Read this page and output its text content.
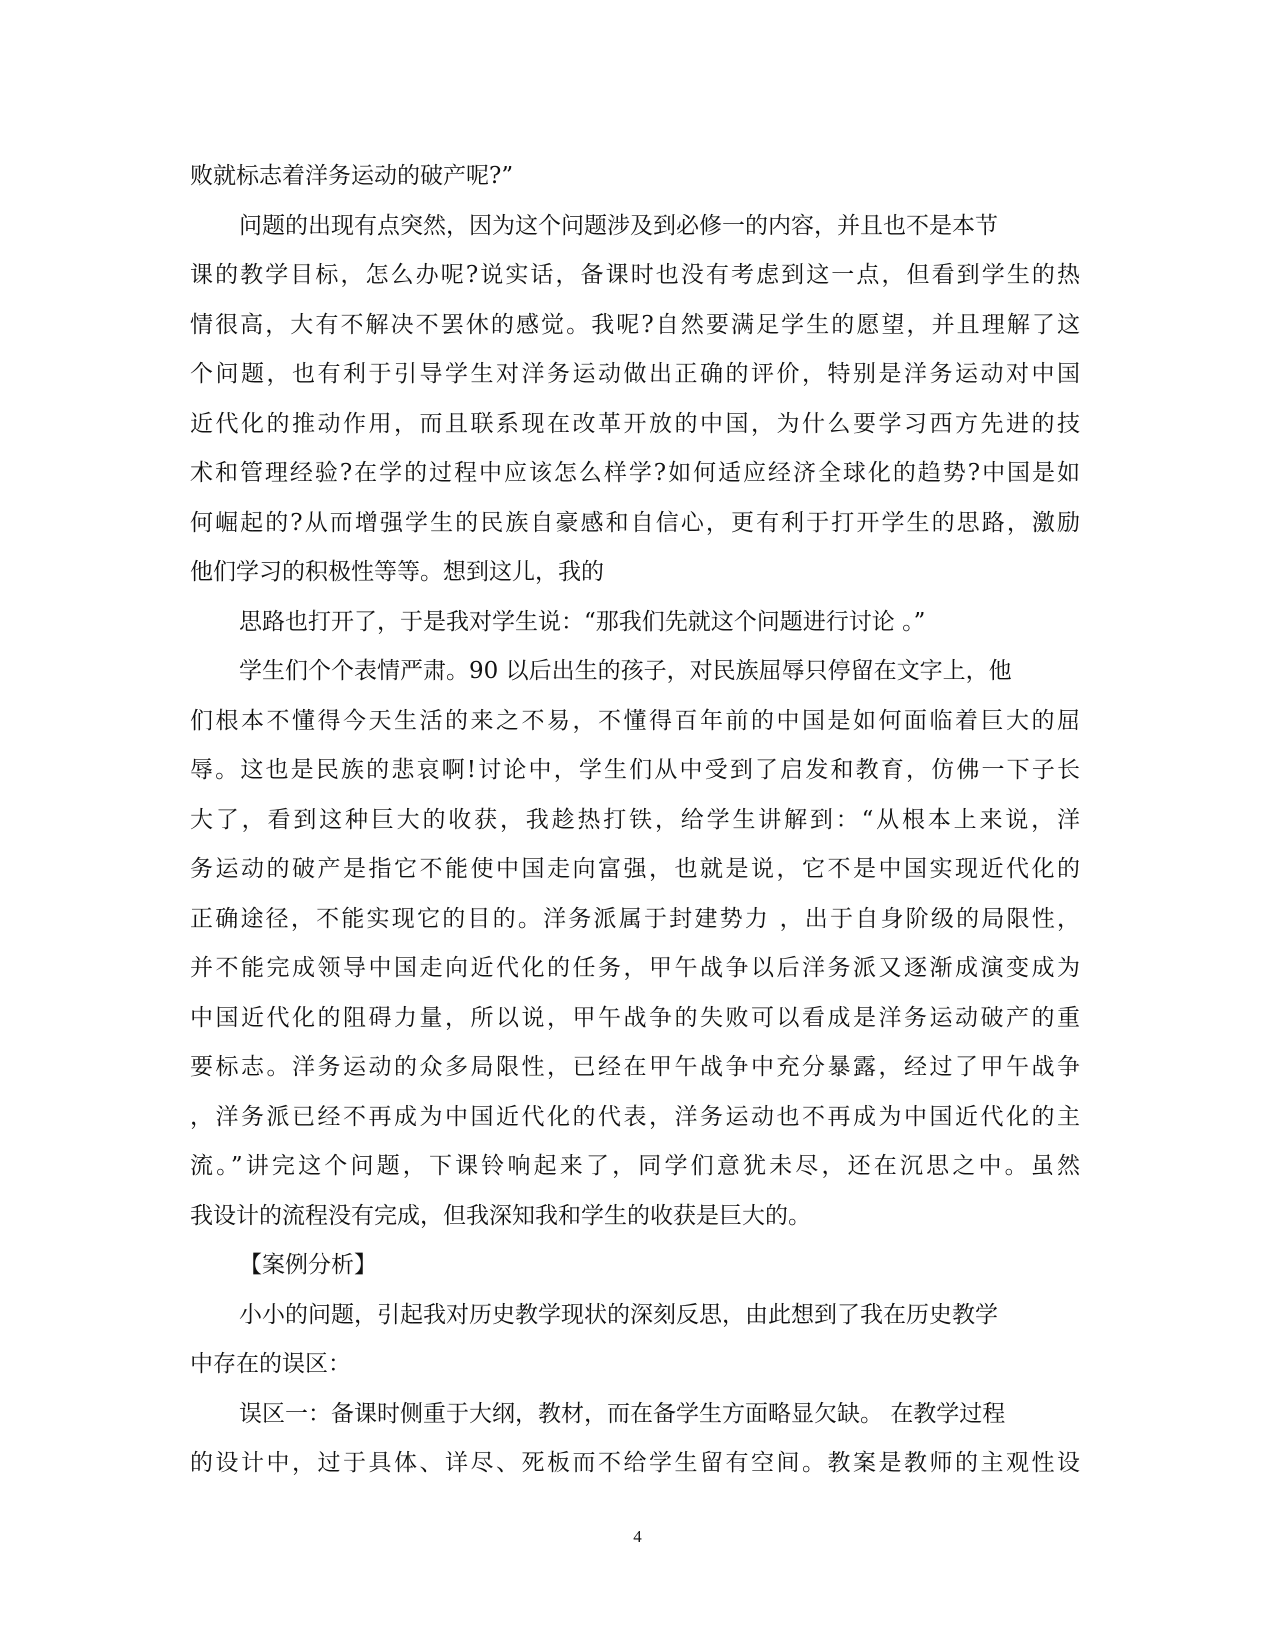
败就标志着洋务运动的破产呢?”
问题的出现有点突然，因为这个问题涉及到必修一的内容，并且也不是本节
课的教学目标，怎么办呢?说实话，备课时也没有考虑到这一点，但看到学生的热
情很高，大有不解决不罢休的感觉。我呢?自然要满足学生的愿望，并且理解了这
个问题，也有利于引导学生对洋务运动做出正确的评价，特别是洋务运动对中国
近代化的推动作用，而且联系现在改革开放的中国，为什么要学习西方先进的技
术和管理经验?在学的过程中应该怎么样学?如何适应经济全球化的趋势?中国是如
何崛起的?从而增强学生的民族自豪感和自信心，更有利于打开学生的思路，激励
他们学习的积极性等等。想到这儿，我的
思路也打开了，于是我对学生说：“那我们先就这个问题进行讨论 。”
学生们个个表情严肃。90 以后出生的孩子，对民族屈辱只停留在文字上，他
们根本不懂得今天生活的来之不易，不懂得百年前的中国是如何面临着巨大的屈
辱。这也是民族的悲哀啊!讨论中，学生们从中受到了启发和教育，仿佛一下子长
大了，看到这种巨大的收获，我趁热打铁，给学生讲解到：“从根本上来说，洋
务运动的破产是指它不能使中国走向富强，也就是说，它不是中国实现近代化的
正确途径，不能实现它的目的。洋务派属于封建势力 ，出于自身阶级的局限性，
并不能完成领导中国走向近代化的任务，甲午战争以后洋务派又逐渐成演变成为
中国近代化的阻碍力量，所以说，甲午战争的失败可以看成是洋务运动破产的重
要标志。洋务运动的众多局限性，已经在甲午战争中充分暴露，经过了甲午战争
，洋务派已经不再成为中国近代化的代表，洋务运动也不再成为中国近代化的主
流。”讲完这个问题，下课铃响起来了，同学们意犹未尽，还在沉思之中。虽然
我设计的流程没有完成，但我深知我和学生的收获是巨大的。
【案例分析】
小小的问题，引起我对历史教学现状的深刻反思，由此想到了我在历史教学
中存在的误区：
误区一：备课时侧重于大纲，教材，而在备学生方面略显欠缺。 在教学过程
的设计中，过于具体、详尽、死板而不给学生留有空间。教案是教师的主观性设
4
